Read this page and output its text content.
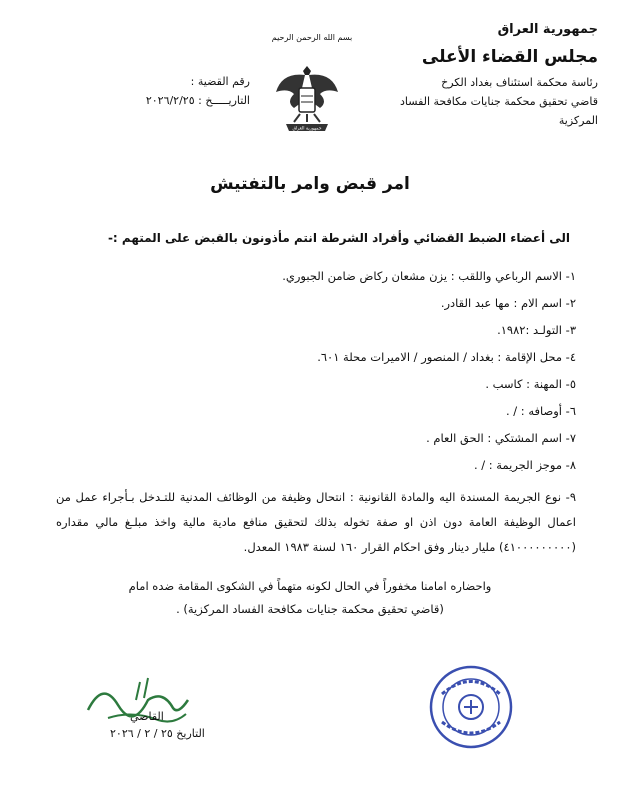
جمهورية العراق
مجلس القضاء الأعلى
رئاسة محكمة استئناف بغداد الكرخ
قاضي تحقيق محكمة جنايات مكافحة الفساد
المركزية
بسم الله الرحمن الرحيم
جمهورية العراق
رقم القضية :
التاريـــــخ : ٢٠٢٦/٢/٢٥
امر قبض وامر بالتفتيش
الى أعضاء الضبط القضائي وأفراد الشرطة انتم مأذونون بالقبض على المتهم :-
١- الاسم الرباعي واللقب : يزن مشعان ركاض ضامن الجبوري.
٢- اسم الام : مها عبد القادر.
٣- التولـد :١٩٨٢.
٤- محل الإقامة : بغداد / المنصور / الاميرات محلة ٦٠١.
٥- المهنة : كاسب .
٦- أوصافه : / .
٧- اسم المشتكي : الحق العام .
٨- موجز الجريمة : / .
٩- نوع الجريمة المسندة اليه والمادة القانونية : انتحال وظيفة من الوظائف المدنية للتـدخل بـأجراء عمل من اعمال الوظيفة العامة دون اذن او صفة تخوله بذلك لتحقيق منافع مادية مالية واخذ مبلـغ مالي مقداره (٤١٠٠٠٠٠٠٠٠٠) مليار دينار وفق احكام القرار ١٦٠ لسنة ١٩٨٣ المعدل.
واحضاره امامنا مخفوراً في الحال لكونه متهماً في الشكوى المقامة ضده امام
(قاضي تحقيق محكمة جنايات مكافحة الفساد المركزية) .
القاضي
التاريخ ٢٥ / ٢ / ٢٠٢٦
